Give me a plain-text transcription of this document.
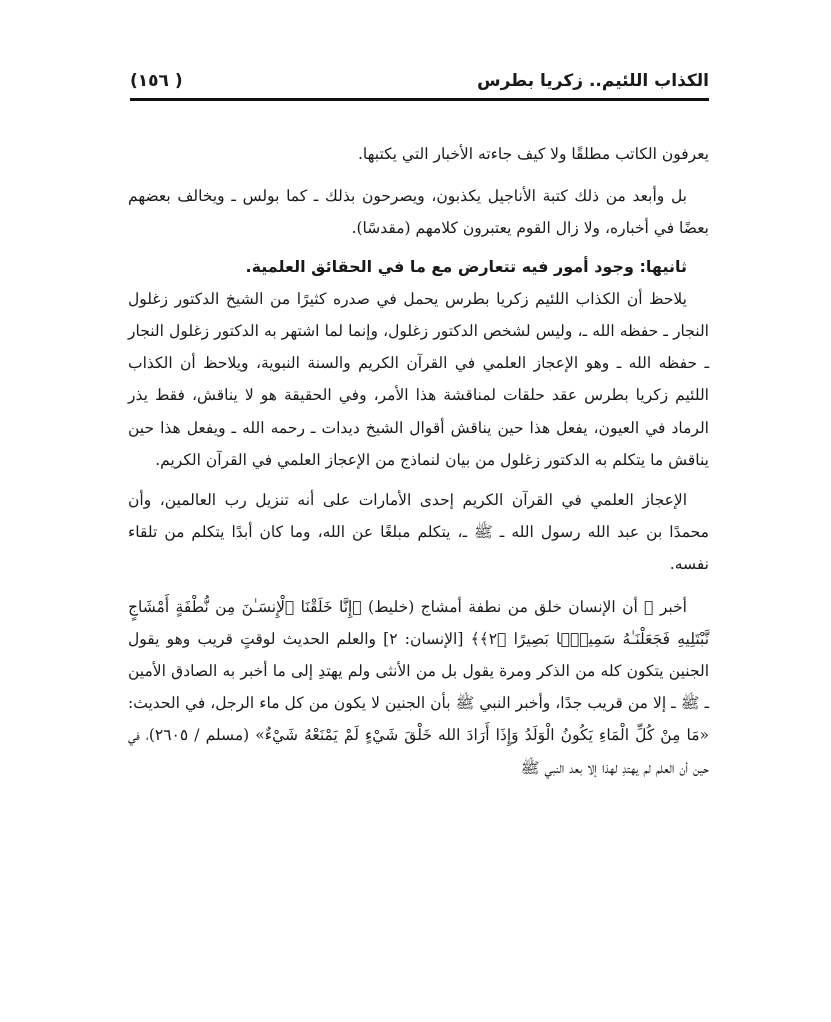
الكذاب اللئيم.. زكريا بطرس
( ١٥٦)

يعرفون الكاتب مطلقًا ولا كيف جاءته الأخبار التي يكتبها.

بل وأبعد من ذلك كتبة الأناجيل يكذبون، ويصرحون بذلك ـ كما بولس ـ ويخالف بعضهم بعضًا في أخباره، ولا زال القوم يعتبرون كلامهم (مقدسًا).

ثانيها: وجود أمور فيه تتعارض مع ما في الحقائق العلمية.

يلاحظ أن الكذاب اللئيم زكريا بطرس يحمل في صدره كثيرًا من الشيخ الدكتور زغلول النجار ـ حفظه الله ـ، وليس لشخص الدكتور زغلول، وإنما لما اشتهر به الدكتور زغلول النجار ـ حفظه الله ـ وهو الإعجاز العلمي في القرآن الكريم والسنة النبوية، ويلاحظ أن الكذاب اللئيم زكريا بطرس عقد حلقات لمناقشة هذا الأمر، وفي الحقيقة هو لا يناقش، فقط يذر الرماد في العيون، يفعل هذا حين يناقش أقوال الشيخ ديدات ـ رحمه الله ـ ويفعل هذا حين يناقش ما يتكلم به الدكتور زغلول من بيان لنماذج من الإعجاز العلمي في القرآن الكريم.

الإعجاز العلمي في القرآن الكريم إحدى الأمارات على أنه تنزيل رب العالمين، وأن محمدًا بن عبد الله رسول الله ـ ﷺ ـ، يتكلم مبلغًا عن الله، وما كان أبدًا يتكلم من تلقاء نفسه.

أخبر ﷺ أن الإنسان خلق من نطفة أمشاج (خليط) ﴿إِنَّا خَلَقْنَا ٱلْإِنسَـٰنَ مِن نُّطْفَةٍ أَمْشَاجٍ نَّبْتَلِيهِ فَجَعَلْنَـٰهُ سَمِيعًۢا بَصِيرًا ﴿٢﴾﴾ [الإنسان: ٢] والعلم الحديث لوقتٍ قريب وهو يقول الجنين يتكون كله من الذكر ومرة يقول بل من الأنثى ولم يهتدِ إلى ما أخبر به الصادق الأمين ـ ﷺ ـ إلا من قريب جدًا، وأخبر النبي ﷺ بأن الجنين لا يكون من كل ماء الرجل، في الحديث: «مَا مِنْ كُلِّ الْمَاءِ يَكُونُ الْوَلَدُ وَإِذَا أَرَادَ الله خَلْقَ شَيْءٍ لَمْ يَمْنَعْهُ شَيْءٌ» (مسلم / ٢٦٠٥)، في حين أن العلم لم يهتدِ لهذا إلا بعد النبي ﷺ
